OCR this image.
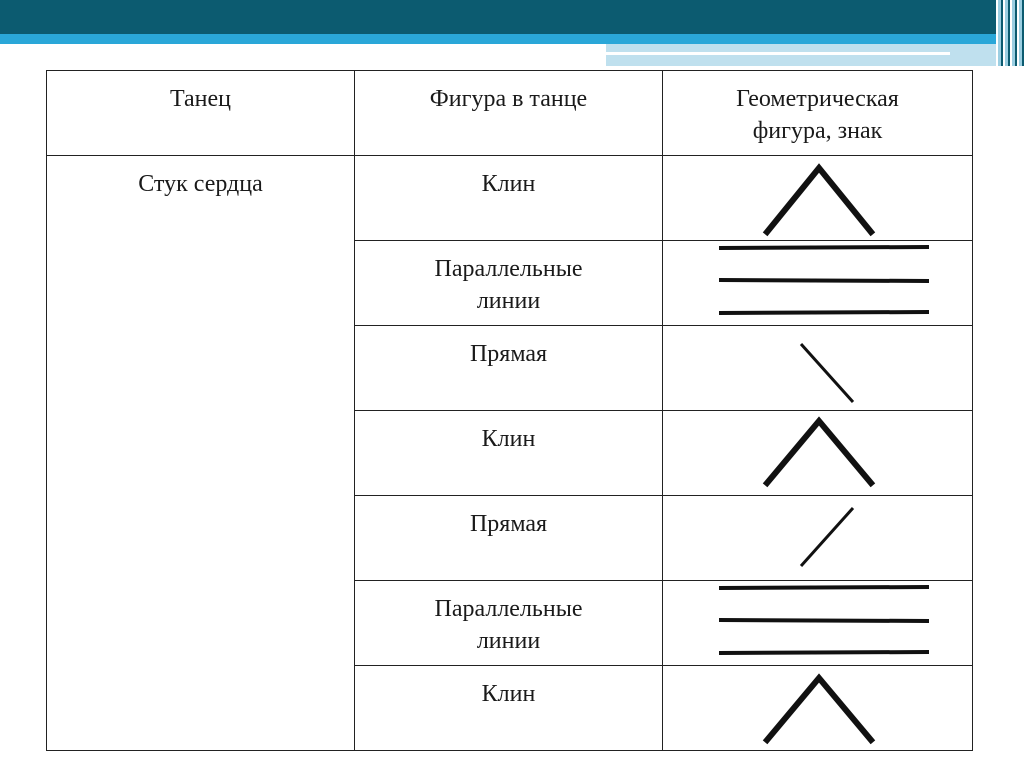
Танец	Фигура в танце	Геометрическая
фигура, знак
Стук сердца	Клин	

	Параллельные
линии	

	Прямая	

	Клин	

	Прямая	

	Параллельные
линии	

	Клин	
